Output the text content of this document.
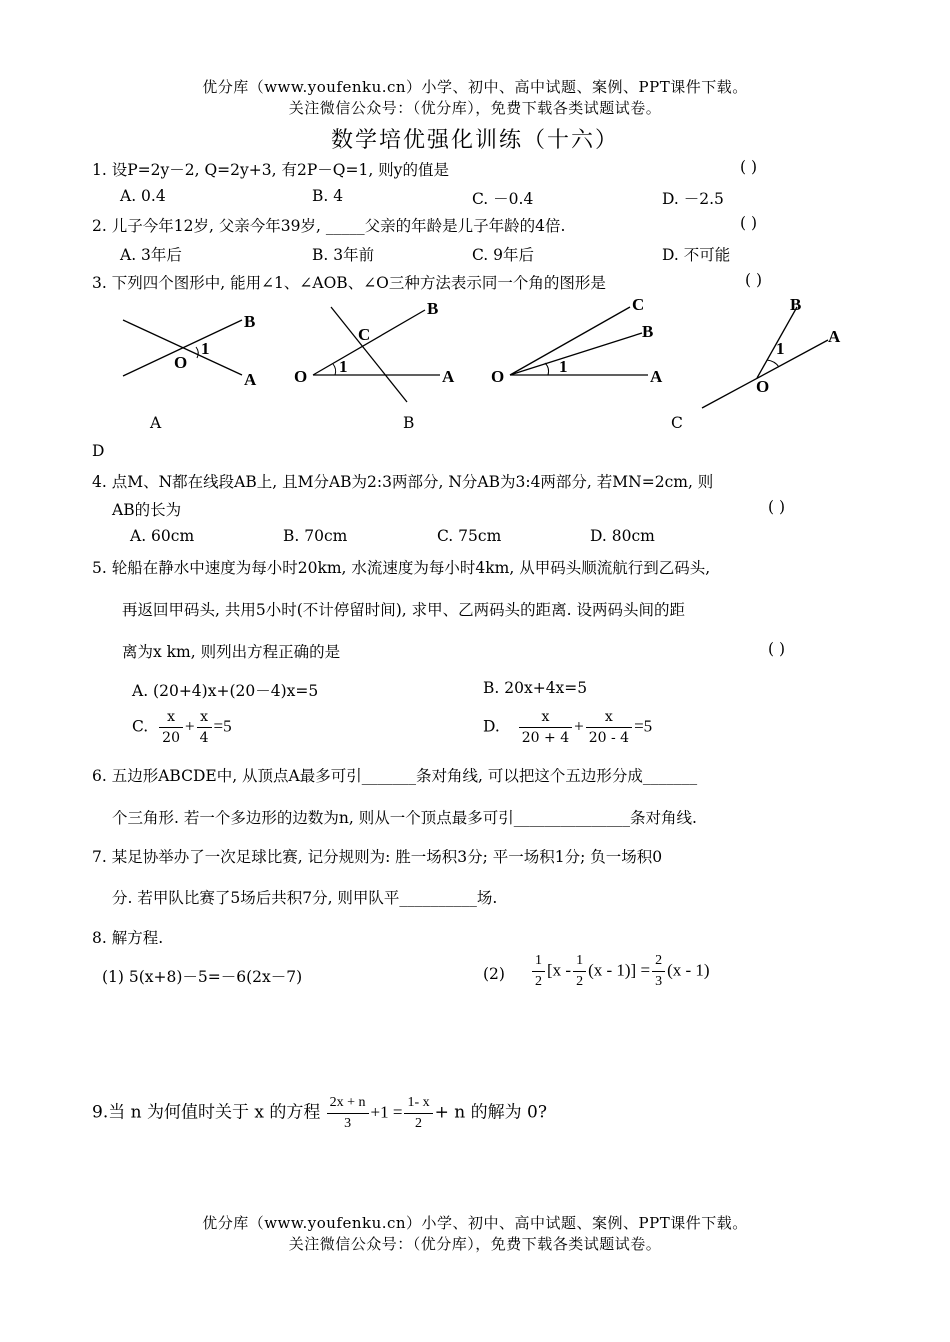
优分库（www.youfenku.cn）小学、初中、高中试题、案例、PPT课件下载。
关注微信公众号：（优分库），免费下载各类试题试卷。
数学培优强化训练（十六）
1. 设P=2y－2, Q=2y+3, 有2P－Q=1, 则y的值是	( )
A. 0.4	B. 4	C. －0.4	D. －2.5
2. 儿子今年12岁, 父亲今年39岁, _____父亲的年龄是儿子年龄的4倍.	( )
A. 3年后	B. 3年前	C. 9年后	D. 不可能
3. 下列四个图形中, 能用∠1、∠AOB、∠O三种方法表示同一个角的图形是	( )
O
1
B
A O
1
C
B
A O
1
C
B
A
O
1
B
A
A	B	C
D
4. 点M、N都在线段AB上, 且M分AB为2:3两部分, N分AB为3:4两部分, 若MN=2cm, 则
AB的长为	( )
A. 60cm	B. 70cm	C. 75cm	D. 80cm
5. 轮船在静水中速度为每小时20km, 水流速度为每小时4km, 从甲码头顺流航行到乙码头,
再返回甲码头, 共用5小时(不计停留时间), 求甲、乙两码头的距离. 设两码头间的距
离为x km, 则列出方程正确的是	( )
A. (20+4)x+(20－4)x=5	B. 20x+4x=5
C. $\frac{x}{20} + \frac{x}{4} =5$	D. $\frac{x}{20 + 4} + \frac{x}{20 - 4} =5$
6. 五边形ABCDE中, 从顶点A最多可引_______条对角线, 可以把这个五边形分成_______
个三角形. 若一个多边形的边数为n, 则从一个顶点最多可引_______________条对角线.
7. 某足协举办了一次足球比赛, 记分规则为: 胜一场积3分; 平一场积1分; 负一场积0
分. 若甲队比赛了5场后共积7分, 则甲队平__________场.
8. 解方程.
(1) 5(x+8)－5=－6(2x－7)	$(2) \frac{1}{2} [x - \frac{1}{2} (x - 1)] = \frac{2}{3} (x - 1)$
9.当 n 为何值时关于 x 的方程 $\frac{2x + n}{3} +1 = \frac{1- x}{2} + n$ 的解为 0?
优分库（www.youfenku.cn）小学、初中、高中试题、案例、PPT课件下载。
关注微信公众号：（优分库），免费下载各类试题试卷。
